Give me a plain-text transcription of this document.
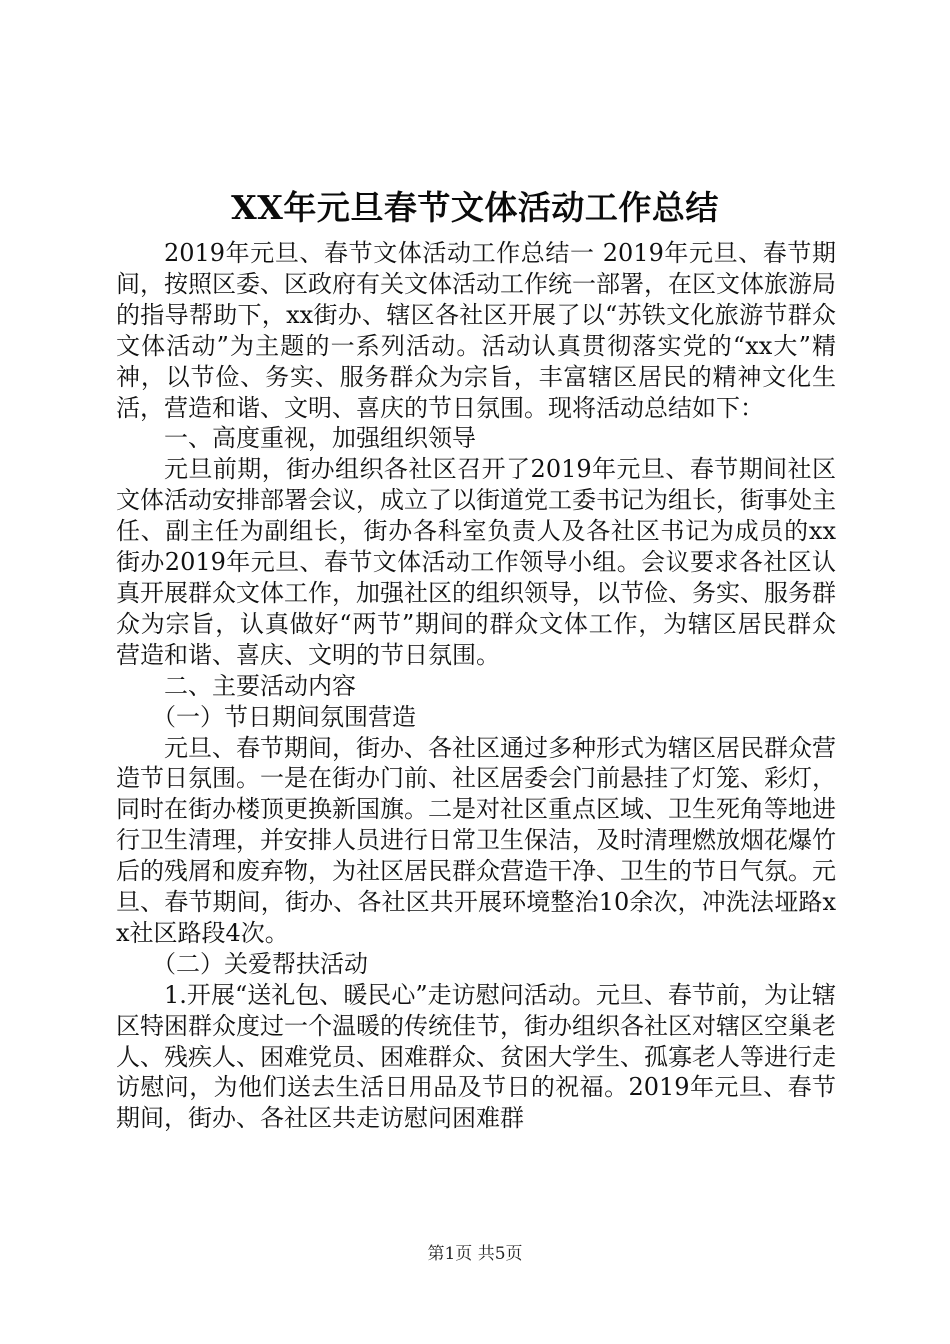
XX年元旦春节文体活动工作总结

2019年元旦、春节文体活动工作总结一 2019年元旦、春节期间，按照区委、区政府有关文体活动工作统一部署，在区文体旅游局的指导帮助下，xx街办、辖区各社区开展了以“苏铁文化旅游节群众文体活动”为主题的一系列活动。活动认真贯彻落实党的“xx大”精神，以节俭、务实、服务群众为宗旨，丰富辖区居民的精神文化生活，营造和谐、文明、喜庆的节日氛围。现将活动总结如下：

一、高度重视，加强组织领导

元旦前期，街办组织各社区召开了2019年元旦、春节期间社区文体活动安排部署会议，成立了以街道党工委书记为组长，街事处主任、副主任为副组长，街办各科室负责人及各社区书记为成员的xx街办2019年元旦、春节文体活动工作领导小组。会议要求各社区认真开展群众文体工作，加强社区的组织领导，以节俭、务实、服务群众为宗旨，认真做好“两节”期间的群众文体工作，为辖区居民群众营造和谐、喜庆、文明的节日氛围。

二、主要活动内容

（一）节日期间氛围营造

元旦、春节期间，街办、各社区通过多种形式为辖区居民群众营造节日氛围。一是在街办门前、社区居委会门前悬挂了灯笼、彩灯，同时在街办楼顶更换新国旗。二是对社区重点区域、卫生死角等地进行卫生清理，并安排人员进行日常卫生保洁，及时清理燃放烟花爆竹后的残屑和废弃物，为社区居民群众营造干净、卫生的节日气氛。元旦、春节期间，街办、各社区共开展环境整治10余次，冲洗法垭路xx社区路段4次。

（二）关爱帮扶活动

1.开展“送礼包、暖民心”走访慰问活动。元旦、春节前，为让辖区特困群众度过一个温暖的传统佳节，街办组织各社区对辖区空巢老人、残疾人、困难党员、困难群众、贫困大学生、孤寡老人等进行走访慰问，为他们送去生活日用品及节日的祝福。2019年元旦、春节期间，街办、各社区共走访慰问困难群

第1页 共5页
